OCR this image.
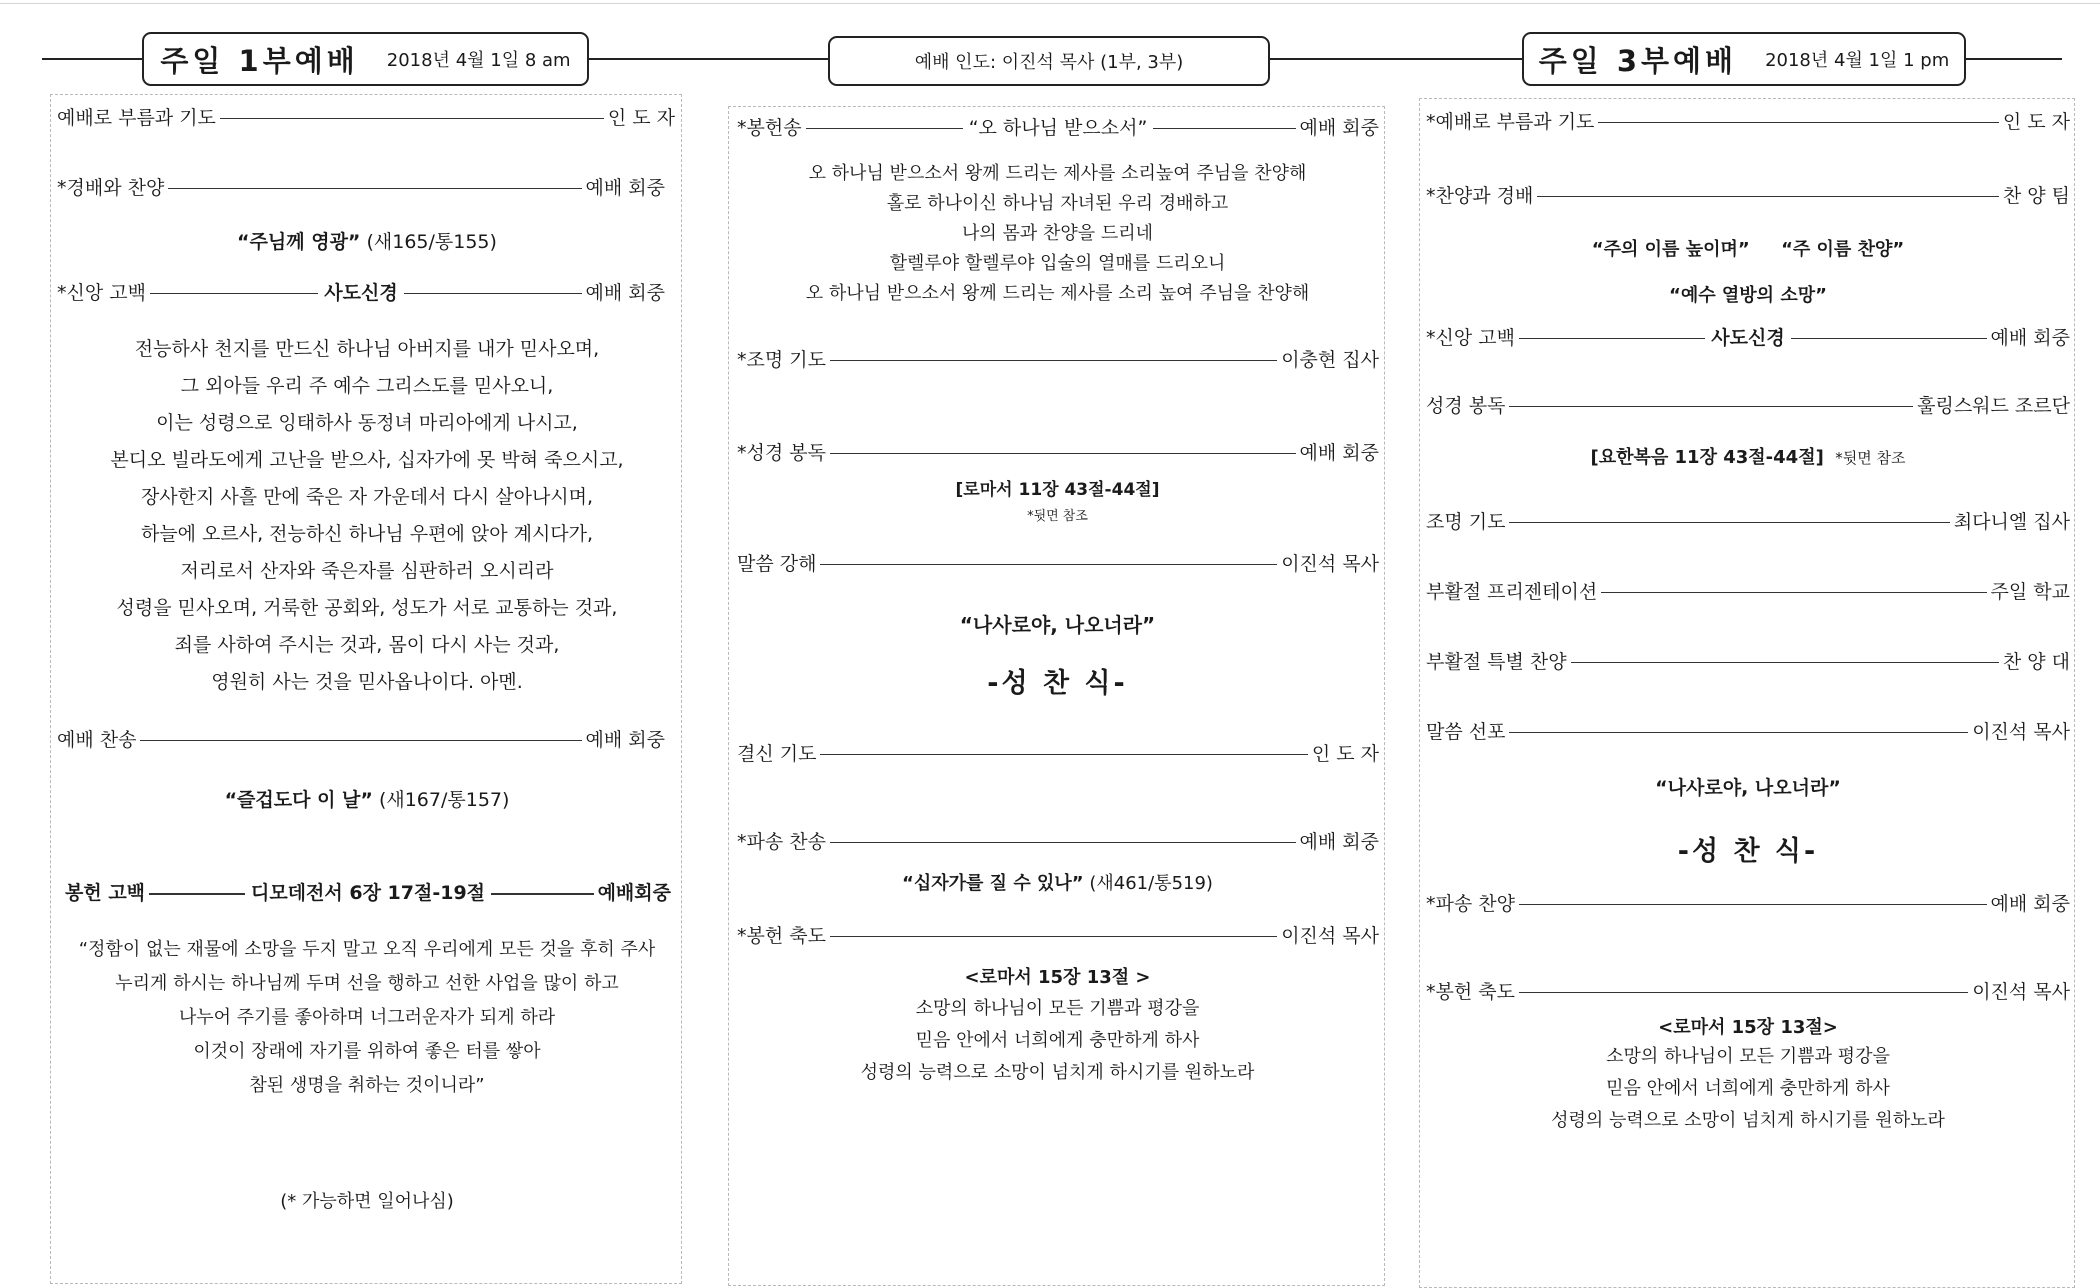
주일 1부예배 2018년 4월 1일 8 am	예배 인도: 이진석 목사 (1부, 3부)	주일 3부예배 2018년 4월 1일 1 pm
예배로 부름과 기도	인 도 자
*경배와 찬양	예배 회중
“주님께 영광” (새165/통155)
*신앙 고백	사도신경	예배 회중
전능하사 천지를 만드신 하나님 아버지를 내가 믿사오며,
그 외아들 우리 주 예수 그리스도를 믿사오니,
이는 성령으로 잉태하사 동정녀 마리아에게 나시고,
본디오 빌라도에게 고난을 받으사, 십자가에 못 박혀 죽으시고,
장사한지 사흘 만에 죽은 자 가운데서 다시 살아나시며,
하늘에 오르사, 전능하신 하나님 우편에 앉아 계시다가,
저리로서 산자와 죽은자를 심판하러 오시리라
성령을 믿사오며, 거룩한 공회와, 성도가 서로 교통하는 것과,
죄를 사하여 주시는 것과, 몸이 다시 사는 것과,
영원히 사는 것을 믿사옵나이다. 아멘.
예배 찬송	예배 회중
“즐겁도다 이 날” (새167/통157)
봉헌 고백	디모데전서 6장 17절-19절	예배회중
“정함이 없는 재물에 소망을 두지 말고 오직 우리에게 모든 것을 후히 주사
누리게 하시는 하나님께 두며 선을 행하고 선한 사업을 많이 하고
나누어 주기를 좋아하며 너그러운자가 되게 하라
이것이 장래에 자기를 위하여 좋은 터를 쌓아
참된 생명을 취하는 것이니라”
(* 가능하면 일어나심)
*봉헌송	“오 하나님 받으소서”	예배 회중
오 하나님 받으소서 왕께 드리는 제사를 소리높여 주님을 찬양해
홀로 하나이신 하나님 자녀된 우리 경배하고
나의 몸과 찬양을 드리네
할렐루야 할렐루야 입술의 열매를 드리오니
오 하나님 받으소서 왕께 드리는 제사를 소리 높여 주님을 찬양해
*조명 기도	이충현 집사
*성경 봉독	예배 회중
[로마서 11장 43절-44절]
*뒷면 참조
말씀 강해	이진석 목사
“나사로야, 나오너라”
-성 찬 식-
결신 기도	인 도 자
*파송 찬송	예배 회중
“십자가를 질 수 있나” (새461/통519)
*봉헌 축도	이진석 목사
<로마서 15장 13절 >
소망의 하나님이 모든 기쁨과 평강을
믿음 안에서 너희에게 충만하게 하사
성령의 능력으로 소망이 넘치게 하시기를 원하노라
*예배로 부름과 기도	인 도 자
*찬양과 경배	찬 양 팀
“주의 이름 높이며” “주 이름 찬양”
“예수 열방의 소망”
*신앙 고백	사도신경	예배 회중
성경 봉독	훌링스워드 조르단
[요한복음 11장 43절-44절] *뒷면 참조
조명 기도	최다니엘 집사
부활절 프리젠테이션	주일 학교
부활절 특별 찬양	찬 양 대
말씀 선포	이진석 목사
“나사로야, 나오너라”
-성 찬 식-
*파송 찬양	예배 회중
*봉헌 축도	이진석 목사
<로마서 15장 13절>
소망의 하나님이 모든 기쁨과 평강을
믿음 안에서 너희에게 충만하게 하사
성령의 능력으로 소망이 넘치게 하시기를 원하노라
